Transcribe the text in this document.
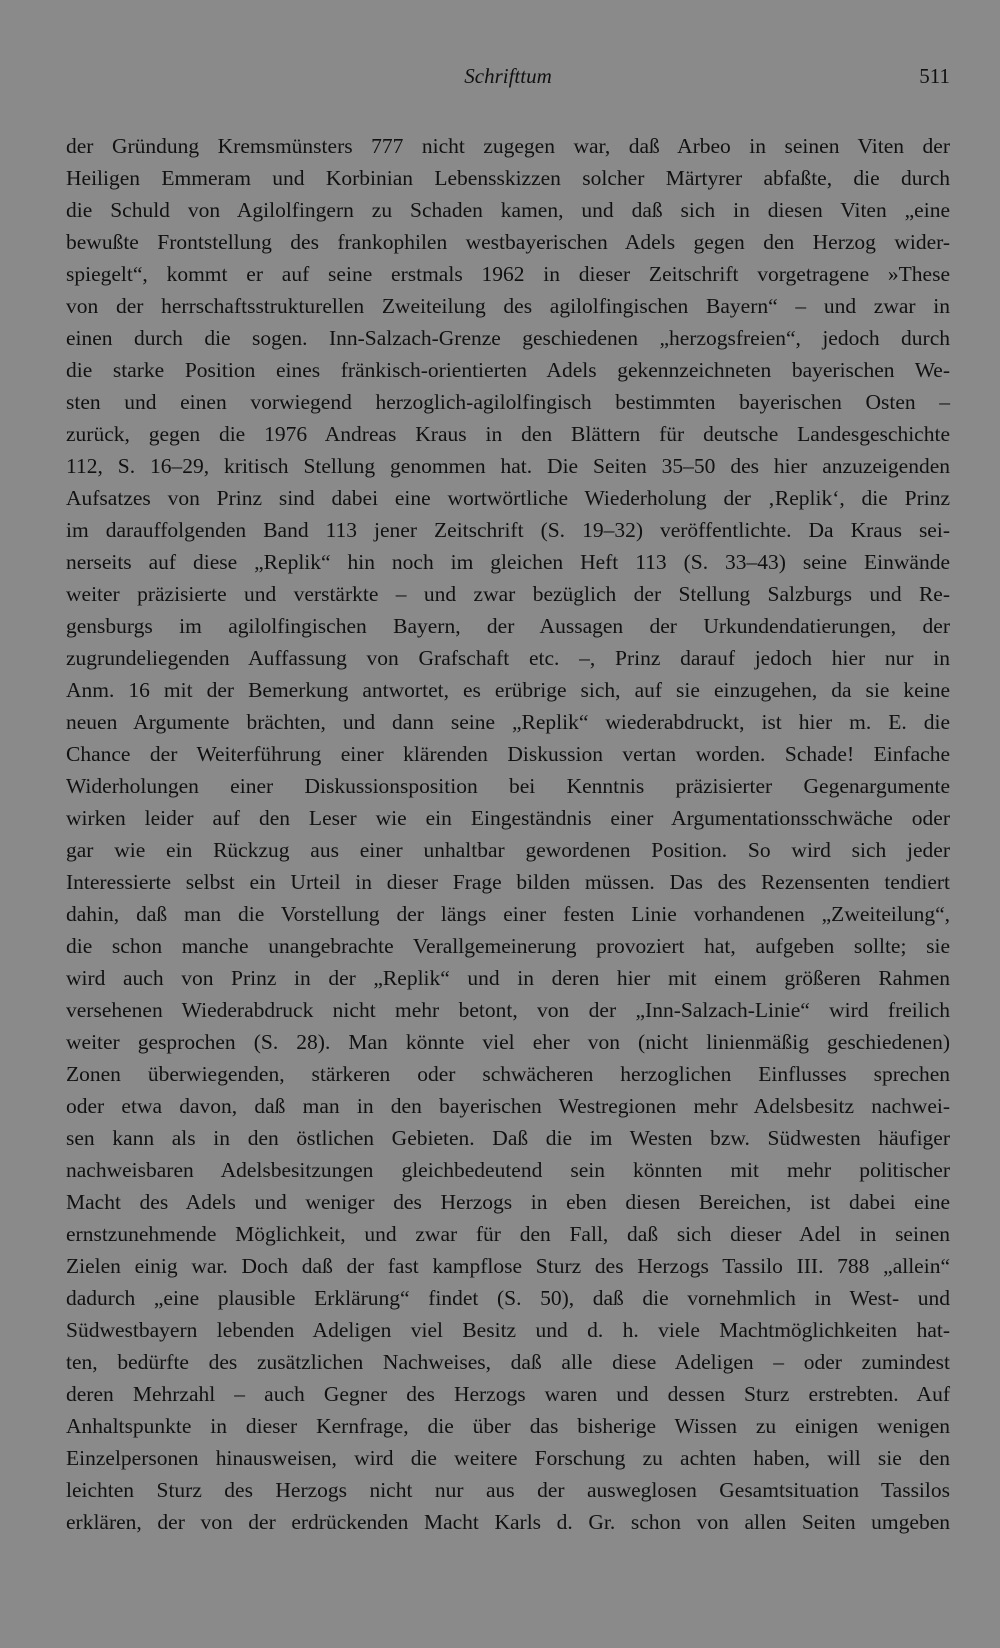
Schrifttum	511
der Gründung Kremsmünsters 777 nicht zugegen war, daß Arbeo in seinen Viten der
Heiligen Emmeram und Korbinian Lebensskizzen solcher Märtyrer abfaßte, die durch
die Schuld von Agilolfingern zu Schaden kamen, und daß sich in diesen Viten „eine
bewußte Frontstellung des frankophilen westbayerischen Adels gegen den Herzog wider-
spiegelt“, kommt er auf seine erstmals 1962 in dieser Zeitschrift vorgetragene »These
von der herrschaftsstrukturellen Zweiteilung des agilolfingischen Bayern“ – und zwar in
einen durch die sogen. Inn-Salzach-Grenze geschiedenen „herzogsfreien“, jedoch durch
die starke Position eines fränkisch-orientierten Adels gekennzeichneten bayerischen We-
sten und einen vorwiegend herzoglich-agilolfingisch bestimmten bayerischen Osten –
zurück, gegen die 1976 Andreas Kraus in den Blättern für deutsche Landesgeschichte
112, S. 16–29, kritisch Stellung genommen hat. Die Seiten 35–50 des hier anzuzeigenden
Aufsatzes von Prinz sind dabei eine wortwörtliche Wiederholung der ‚Replik‘, die Prinz
im darauffolgenden Band 113 jener Zeitschrift (S. 19–32) veröffentlichte. Da Kraus sei-
nerseits auf diese „Replik“ hin noch im gleichen Heft 113 (S. 33–43) seine Einwände
weiter präzisierte und verstärkte – und zwar bezüglich der Stellung Salzburgs und Re-
gensburgs im agilolfingischen Bayern, der Aussagen der Urkundendatierungen, der
zugrundeliegenden Auffassung von Grafschaft etc. –, Prinz darauf jedoch hier nur in
Anm. 16 mit der Bemerkung antwortet, es erübrige sich, auf sie einzugehen, da sie keine
neuen Argumente brächten, und dann seine „Replik“ wiederabdruckt, ist hier m. E. die
Chance der Weiterführung einer klärenden Diskussion vertan worden. Schade! Einfache
Widerholungen einer Diskussionsposition bei Kenntnis präzisierter Gegenargumente
wirken leider auf den Leser wie ein Eingeständnis einer Argumentationsschwäche oder
gar wie ein Rückzug aus einer unhaltbar gewordenen Position. So wird sich jeder
Interessierte selbst ein Urteil in dieser Frage bilden müssen. Das des Rezensenten tendiert
dahin, daß man die Vorstellung der längs einer festen Linie vorhandenen „Zweiteilung“,
die schon manche unangebrachte Verallgemeinerung provoziert hat, aufgeben sollte; sie
wird auch von Prinz in der „Replik“ und in deren hier mit einem größeren Rahmen
versehenen Wiederabdruck nicht mehr betont, von der „Inn-Salzach-Linie“ wird freilich
weiter gesprochen (S. 28). Man könnte viel eher von (nicht linienmäßig geschiedenen)
Zonen überwiegenden, stärkeren oder schwächeren herzoglichen Einflusses sprechen
oder etwa davon, daß man in den bayerischen Westregionen mehr Adelsbesitz nachwei-
sen kann als in den östlichen Gebieten. Daß die im Westen bzw. Südwesten häufiger
nachweisbaren Adelsbesitzungen gleichbedeutend sein könnten mit mehr politischer
Macht des Adels und weniger des Herzogs in eben diesen Bereichen, ist dabei eine
ernstzunehmende Möglichkeit, und zwar für den Fall, daß sich dieser Adel in seinen
Zielen einig war. Doch daß der fast kampflose Sturz des Herzogs Tassilo III. 788 „allein“
dadurch „eine plausible Erklärung“ findet (S. 50), daß die vornehmlich in West- und
Südwestbayern lebenden Adeligen viel Besitz und d. h. viele Machtmöglichkeiten hat-
ten, bedürfte des zusätzlichen Nachweises, daß alle diese Adeligen – oder zumindest
deren Mehrzahl – auch Gegner des Herzogs waren und dessen Sturz erstrebten. Auf
Anhaltspunkte in dieser Kernfrage, die über das bisherige Wissen zu einigen wenigen
Einzelpersonen hinausweisen, wird die weitere Forschung zu achten haben, will sie den
leichten Sturz des Herzogs nicht nur aus der ausweglosen Gesamtsituation Tassilos
erklären, der von der erdrückenden Macht Karls d. Gr. schon von allen Seiten umgeben
